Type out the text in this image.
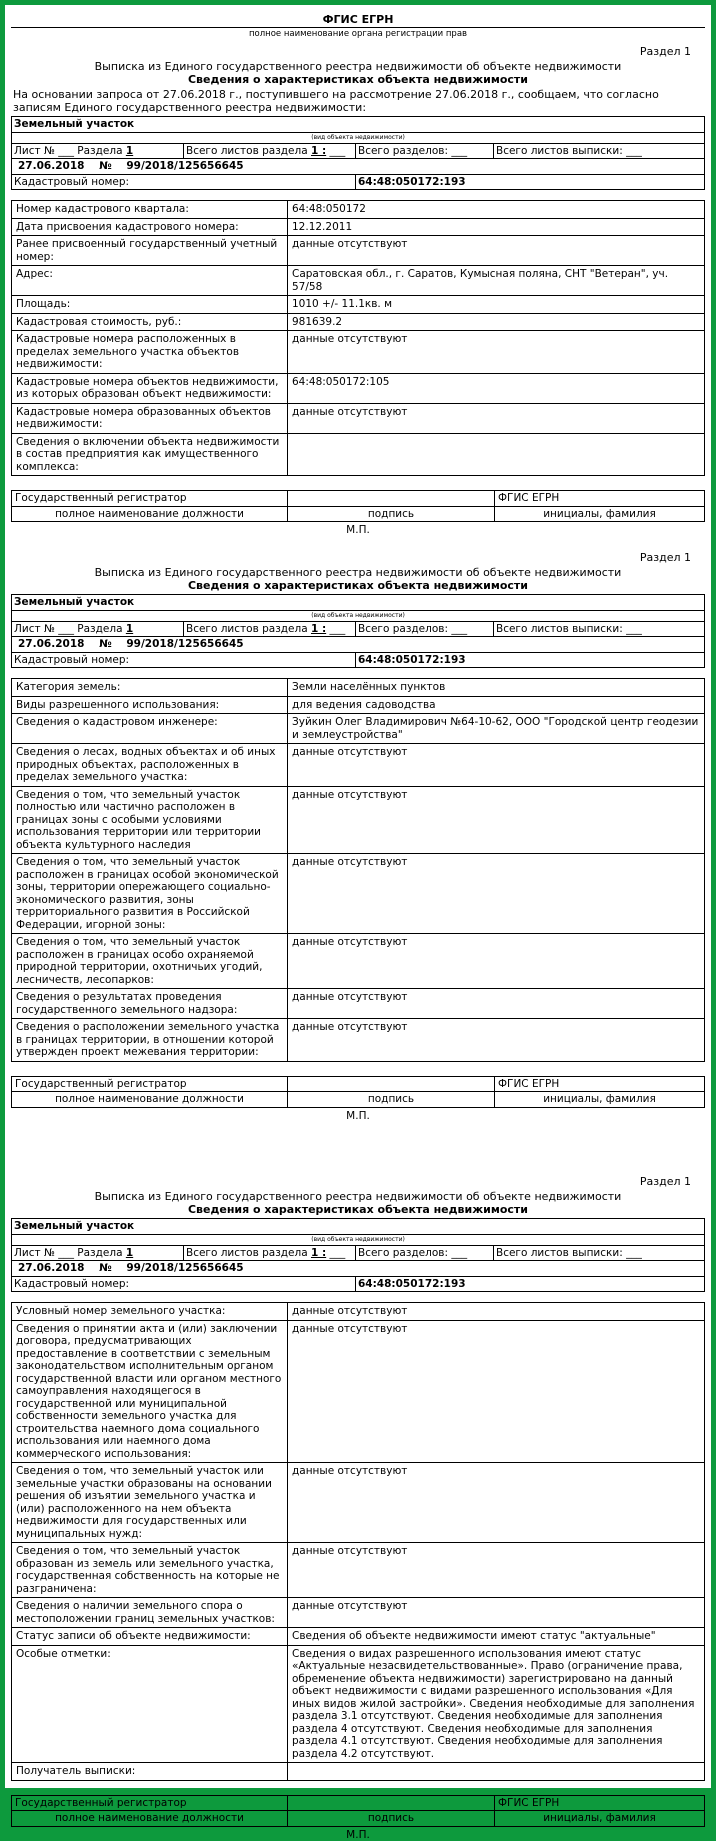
ФГИС ЕГРН
полное наименование органа регистрации прав
Раздел 1
Выписка из Единого государственного реестра недвижимости об объекте недвижимости
Сведения о характеристиках объекта недвижимости
На основании запроса от 27.06.2018 г., поступившего на рассмотрение 27.06.2018 г., сообщаем, что согласно записям Единого государственного реестра недвижимости:
Земельный участок			
(вид объекта недвижимости)			
Лист № ___ Раздела 1	Всего листов раздела 1 : ___	Всего разделов: ___	Всего листов выписки: ___
27.06.2018 № 99/2018/125656645			
Кадастровый номер:		64:48:050172:193	
Номер кадастрового квартала:	64:48:050172
Дата присвоения кадастрового номера:	12.12.2011
Ранее присвоенный государственный учетный номер:	данные отсутствуют
Адрес:	Саратовская обл., г. Саратов, Кумысная поляна, СНТ "Ветеран", уч. 57/58
Площадь:	1010 +/- 11.1кв. м
Кадастровая стоимость, руб.:	981639.2
Кадастровые номера расположенных в пределах земельного участка объектов недвижимости:	данные отсутствуют
Кадастровые номера объектов недвижимости, из которых образован объект недвижимости:	64:48:050172:105
Кадастровые номера образованных объектов недвижимости:	данные отсутствуют
Сведения о включении объекта недвижимости в состав предприятия как имущественного комплекса:	
Государственный регистратор		ФГИС ЕГРН
полное наименование должности	подпись	инициалы, фамилия
М.П.
Раздел 1
Выписка из Единого государственного реестра недвижимости об объекте недвижимости
Сведения о характеристиках объекта недвижимости
Земельный участок			
(вид объекта недвижимости)			
Лист № ___ Раздела 1	Всего листов раздела 1 : ___	Всего разделов: ___	Всего листов выписки: ___
27.06.2018 № 99/2018/125656645			
Кадастровый номер:		64:48:050172:193	
Категория земель:	Земли населённых пунктов
Виды разрешенного использования:	для ведения садоводства
Сведения о кадастровом инженере:	Зуйкин Олег Владимирович №64-10-62, ООО "Городской центр геодезии и землеустройства"
Сведения о лесах, водных объектах и об иных природных объектах, расположенных в пределах земельного участка:	данные отсутствуют
Сведения о том, что земельный участок полностью или частично расположен в границах зоны с особыми условиями использования территории или территории объекта культурного наследия	данные отсутствуют
Сведения о том, что земельный участок расположен в границах особой экономической зоны, территории опережающего социально-экономического развития, зоны территориального развития в Российской Федерации, игорной зоны:	данные отсутствуют
Сведения о том, что земельный участок расположен в границах особо охраняемой природной территории, охотничьих угодий, лесничеств, лесопарков:	данные отсутствуют
Сведения о результатах проведения государственного земельного надзора:	данные отсутствуют
Сведения о расположении земельного участка в границах территории, в отношении которой утвержден проект межевания территории:	данные отсутствуют
Государственный регистратор		ФГИС ЕГРН
полное наименование должности	подпись	инициалы, фамилия
М.П.
Раздел 1
Выписка из Единого государственного реестра недвижимости об объекте недвижимости
Сведения о характеристиках объекта недвижимости
Земельный участок			
(вид объекта недвижимости)			
Лист № ___ Раздела 1	Всего листов раздела 1 : ___	Всего разделов: ___	Всего листов выписки: ___
27.06.2018 № 99/2018/125656645			
Кадастровый номер:		64:48:050172:193	
Условный номер земельного участка:	данные отсутствуют
Сведения о принятии акта и (или) заключении договора, предусматривающих предоставление в соответствии с земельным законодательством исполнительным органом государственной власти или органом местного самоуправления находящегося в государственной или муниципальной собственности земельного участка для строительства наемного дома социального использования или наемного дома коммерческого использования:	данные отсутствуют
Сведения о том, что земельный участок или земельные участки образованы на основании решения об изъятии земельного участка и (или) расположенного на нем объекта недвижимости для государственных или муниципальных нужд:	данные отсутствуют
Сведения о том, что земельный участок образован из земель или земельного участка, государственная собственность на которые не разграничена:	данные отсутствуют
Сведения о наличии земельного спора о местоположении границ земельных участков:	данные отсутствуют
Статус записи об объекте недвижимости:	Сведения об объекте недвижимости имеют статус "актуальные"
Особые отметки:	Сведения о видах разрешенного использования имеют статус «Актуальные незасвидетельствованные». Право (ограничение права, обременение объекта недвижимости) зарегистрировано на данный объект недвижимости с видами разрешенного использования «Для иных видов жилой застройки». Сведения необходимые для заполнения раздела 3.1 отсутствуют. Сведения необходимые для заполнения раздела 4 отсутствуют. Сведения необходимые для заполнения раздела 4.1 отсутствуют. Сведения необходимые для заполнения раздела 4.2 отсутствуют.
Получатель выписки:	
Государственный регистратор		ФГИС ЕГРН
полное наименование должности	подпись	инициалы, фамилия
М.П.
